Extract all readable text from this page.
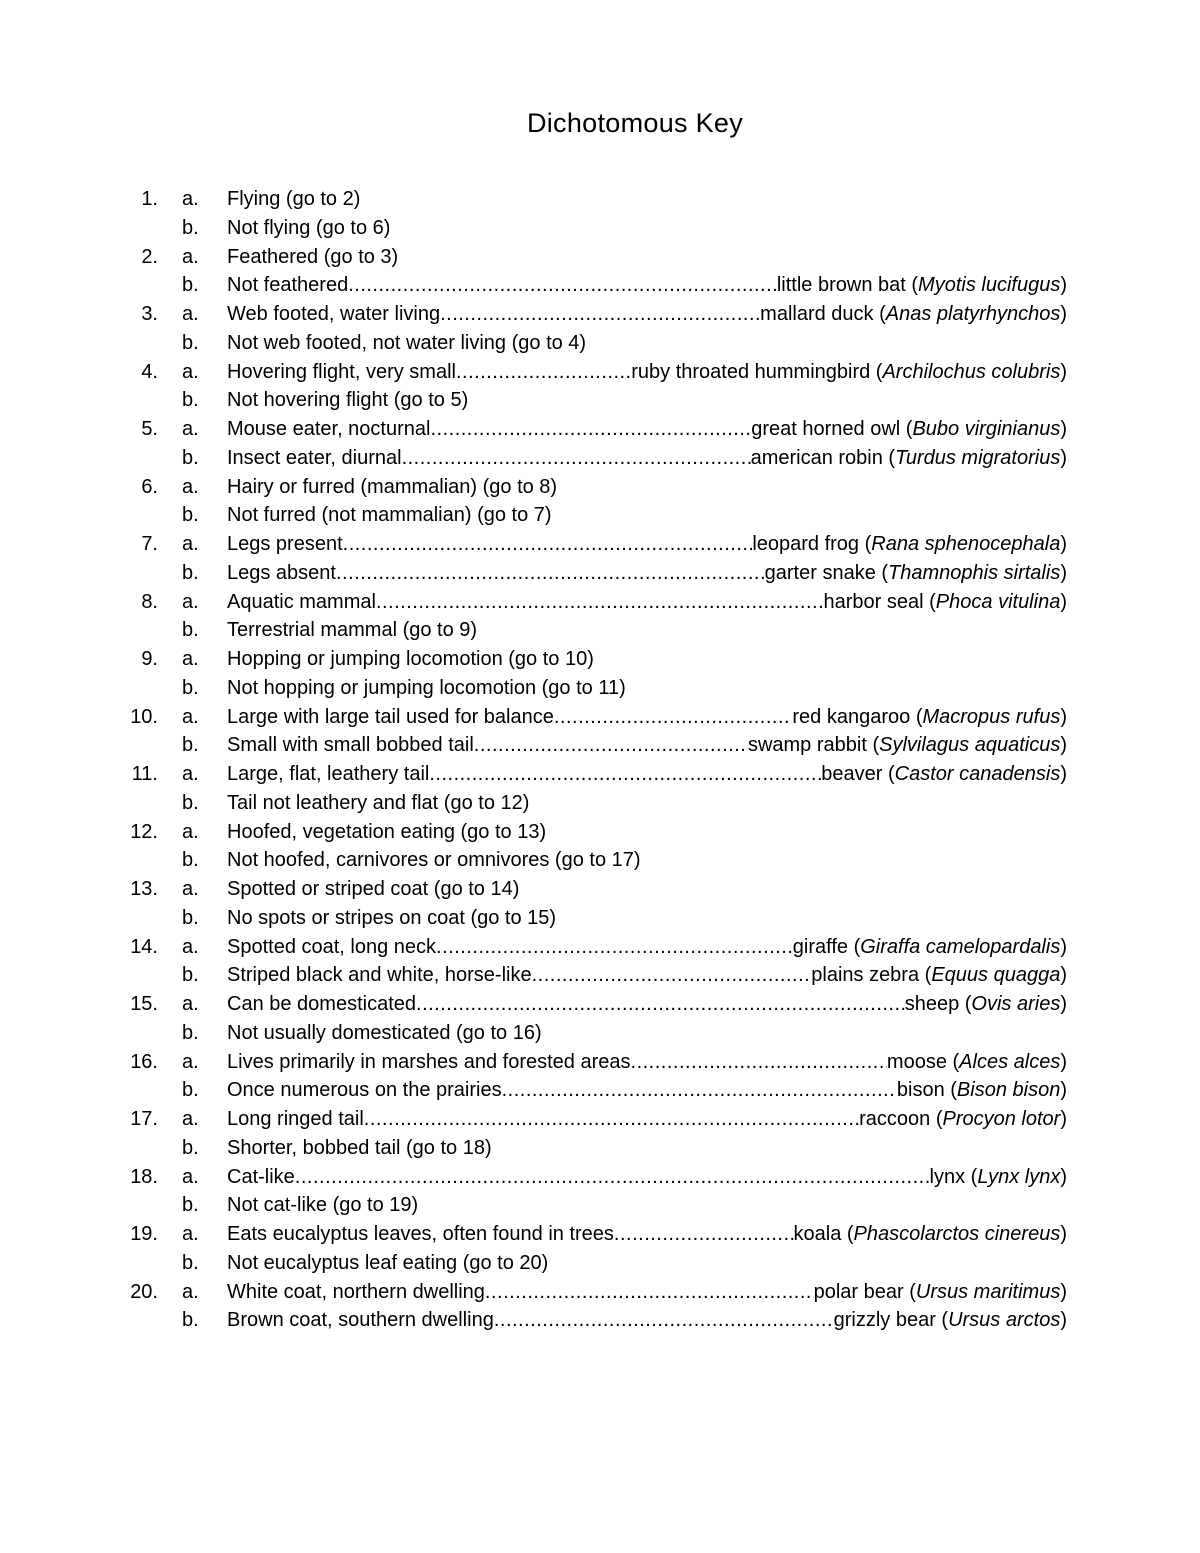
Dichotomous Key
1. a. Flying (go to 2)
b. Not flying (go to 6)
2. a. Feathered (go to 3)
b. Not feathered .....	little brown bat (Myotis lucifugus)
3. a. Web footed, water living .....	mallard duck (Anas platyrhynchos)
b. Not web footed, not water living (go to 4)
4. a. Hovering flight, very small .....	ruby throated hummingbird (Archilochus colubris)
b. Not hovering flight (go to 5)
5. a. Mouse eater, nocturnal .....	great horned owl (Bubo virginianus)
b. Insect eater, diurnal .....	american robin (Turdus migratorius)
6. a. Hairy or furred (mammalian) (go to 8)
b. Not furred (not mammalian) (go to 7)
7. a. Legs present .....	leopard frog (Rana sphenocephala)
b. Legs absent .....	garter snake (Thamnophis sirtalis)
8. a. Aquatic mammal .....	harbor seal (Phoca vitulina)
b. Terrestrial mammal (go to 9)
9. a. Hopping or jumping locomotion (go to 10)
b. Not hopping or jumping locomotion (go to 11)
10. a. Large with large tail used for balance .....	red kangaroo (Macropus rufus)
b. Small with small bobbed tail .....	swamp rabbit (Sylvilagus aquaticus)
11. a. Large, flat, leathery tail .....	beaver (Castor canadensis)
b. Tail not leathery and flat (go to 12)
12. a. Hoofed, vegetation eating (go to 13)
b. Not hoofed, carnivores or omnivores (go to 17)
13. a. Spotted or striped coat (go to 14)
b. No spots or stripes on coat (go to 15)
14. a. Spotted coat, long neck .....	giraffe (Giraffa camelopardalis)
b. Striped black and white, horse-like .....	plains zebra (Equus quagga)
15. a. Can be domesticated .....	sheep (Ovis aries)
b. Not usually domesticated (go to 16)
16. a. Lives primarily in marshes and forested areas .....	moose (Alces alces)
b. Once numerous on the prairies .....	bison (Bison bison)
17. a. Long ringed tail .....	raccoon (Procyon lotor)
b. Shorter, bobbed tail (go to 18)
18. a. Cat-like .....	lynx (Lynx lynx)
b. Not cat-like (go to 19)
19. a. Eats eucalyptus leaves, often found in trees .....	koala (Phascolarctos cinereus)
b. Not eucalyptus leaf eating (go to 20)
20. a. White coat, northern dwelling .....	polar bear (Ursus maritimus)
b. Brown coat, southern dwelling .....	grizzly bear (Ursus arctos)
